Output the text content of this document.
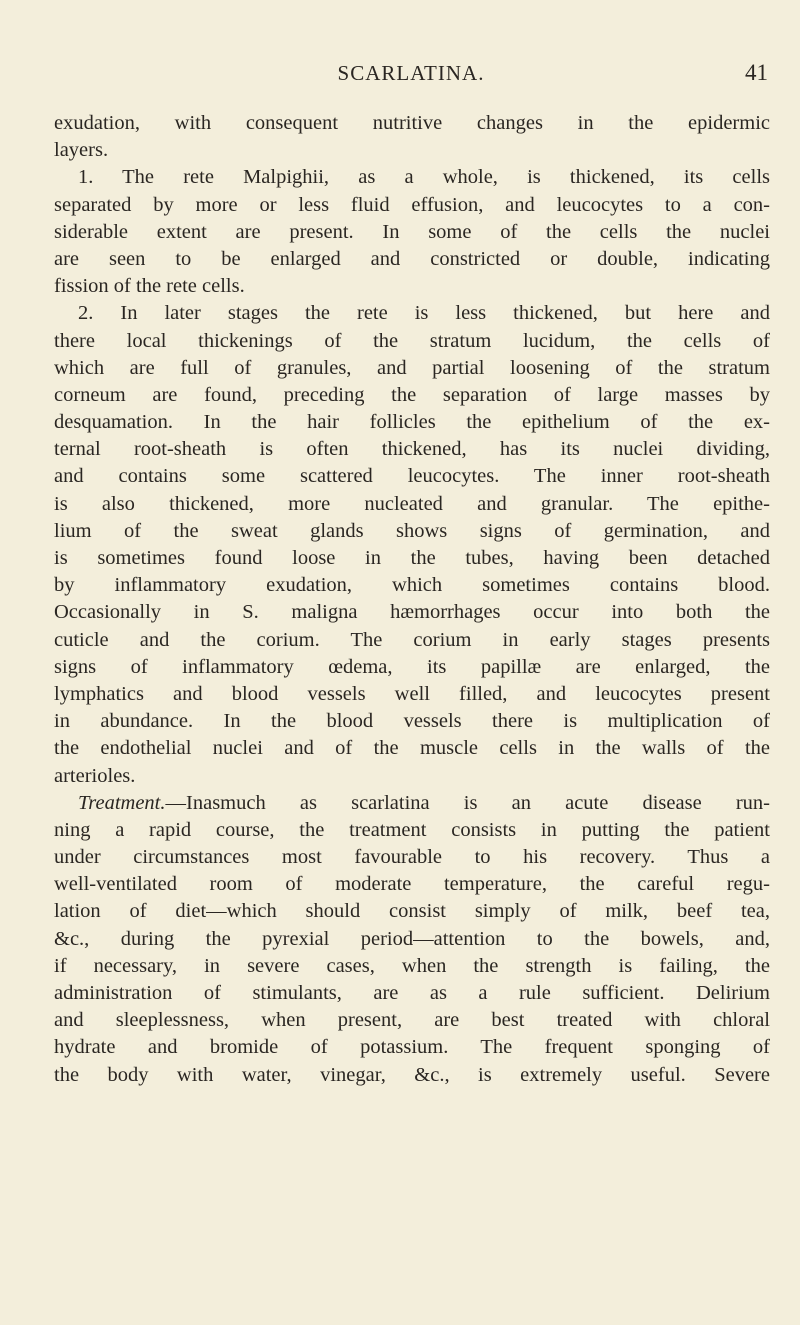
SCARLATINA.	41
exudation, with consequent nutritive changes in the epidermic
layers.
1. The rete Malpighii, as a whole, is thickened, its cells
separated by more or less fluid effusion, and leucocytes to a con-
siderable extent are present. In some of the cells the nuclei
are seen to be enlarged and constricted or double, indicating
fission of the rete cells.
2. In later stages the rete is less thickened, but here and
there local thickenings of the stratum lucidum, the cells of
which are full of granules, and partial loosening of the stratum
corneum are found, preceding the separation of large masses by
desquamation. In the hair follicles the epithelium of the ex-
ternal root-sheath is often thickened, has its nuclei dividing,
and contains some scattered leucocytes. The inner root-sheath
is also thickened, more nucleated and granular. The epithe-
lium of the sweat glands shows signs of germination, and
is sometimes found loose in the tubes, having been detached
by inflammatory exudation, which sometimes contains blood.
Occasionally in S. maligna hæmorrhages occur into both the
cuticle and the corium. The corium in early stages presents
signs of inflammatory œdema, its papillæ are enlarged, the
lymphatics and blood vessels well filled, and leucocytes present
in abundance. In the blood vessels there is multiplication of
the endothelial nuclei and of the muscle cells in the walls of the
arterioles.
Treatment.—Inasmuch as scarlatina is an acute disease run-
ning a rapid course, the treatment consists in putting the patient
under circumstances most favourable to his recovery. Thus a
well-ventilated room of moderate temperature, the careful regu-
lation of diet—which should consist simply of milk, beef tea,
&c., during the pyrexial period—attention to the bowels, and,
if necessary, in severe cases, when the strength is failing, the
administration of stimulants, are as a rule sufficient. Delirium
and sleeplessness, when present, are best treated with chloral
hydrate and bromide of potassium. The frequent sponging of
the body with water, vinegar, &c., is extremely useful. Severe
